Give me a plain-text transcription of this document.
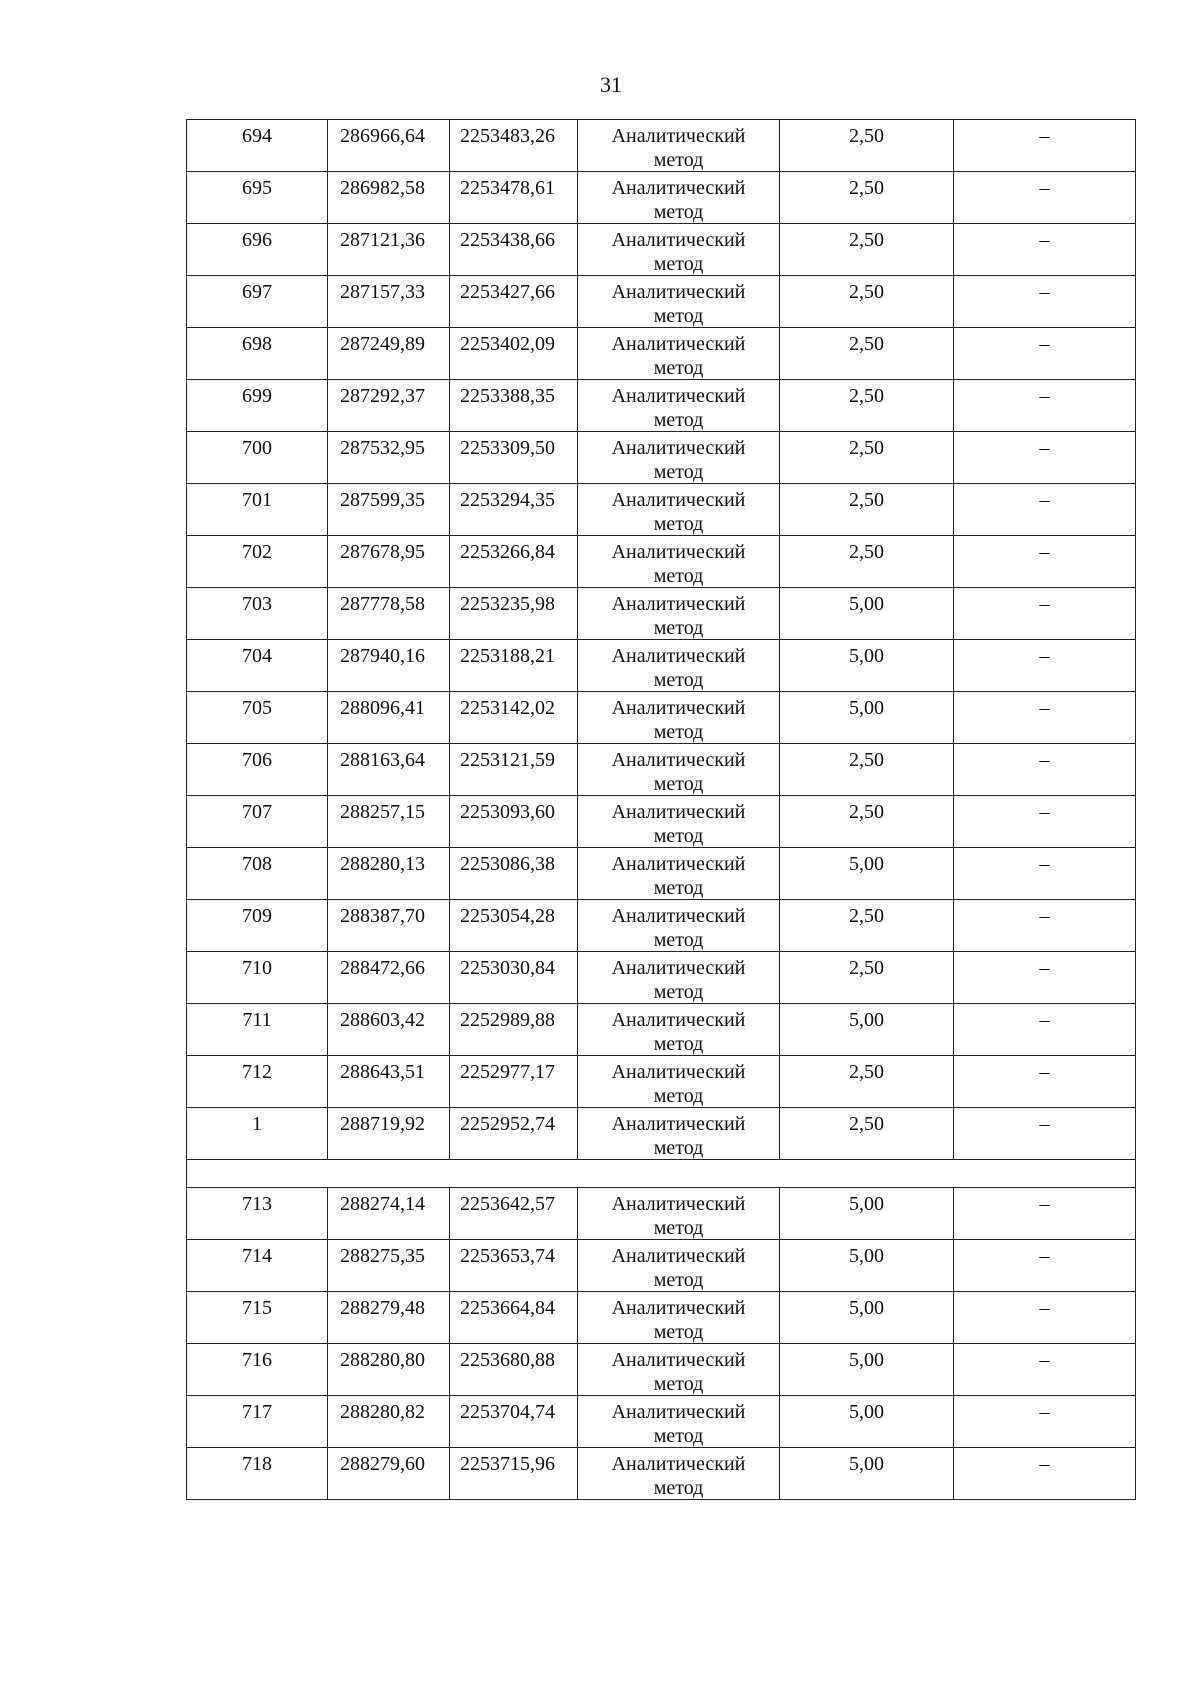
31
694	286966,64	2253483,26	Аналитический
метод	2,50	–

695	286982,58	2253478,61	Аналитический
метод	2,50	–

696	287121,36	2253438,66	Аналитический
метод	2,50	–

697	287157,33	2253427,66	Аналитический
метод	2,50	–

698	287249,89	2253402,09	Аналитический
метод	2,50	–

699	287292,37	2253388,35	Аналитический
метод	2,50	–

700	287532,95	2253309,50	Аналитический
метод	2,50	–

701	287599,35	2253294,35	Аналитический
метод	2,50	–

702	287678,95	2253266,84	Аналитический
метод	2,50	–

703	287778,58	2253235,98	Аналитический
метод	5,00	–

704	287940,16	2253188,21	Аналитический
метод	5,00	–

705	288096,41	2253142,02	Аналитический
метод	5,00	–

706	288163,64	2253121,59	Аналитический
метод	2,50	–

707	288257,15	2253093,60	Аналитический
метод	2,50	–

708	288280,13	2253086,38	Аналитический
метод	5,00	–

709	288387,70	2253054,28	Аналитический
метод	2,50	–

710	288472,66	2253030,84	Аналитический
метод	2,50	–

711	288603,42	2252989,88	Аналитический
метод	5,00	–

712	288643,51	2252977,17	Аналитический
метод	2,50	–

1	288719,92	2252952,74	Аналитический
метод	2,50	–

713	288274,14	2253642,57	Аналитический
метод	5,00	–

714	288275,35	2253653,74	Аналитический
метод	5,00	–

715	288279,48	2253664,84	Аналитический
метод	5,00	–

716	288280,80	2253680,88	Аналитический
метод	5,00	–

717	288280,82	2253704,74	Аналитический
метод	5,00	–

718	288279,60	2253715,96	Аналитический
метод	5,00	–
